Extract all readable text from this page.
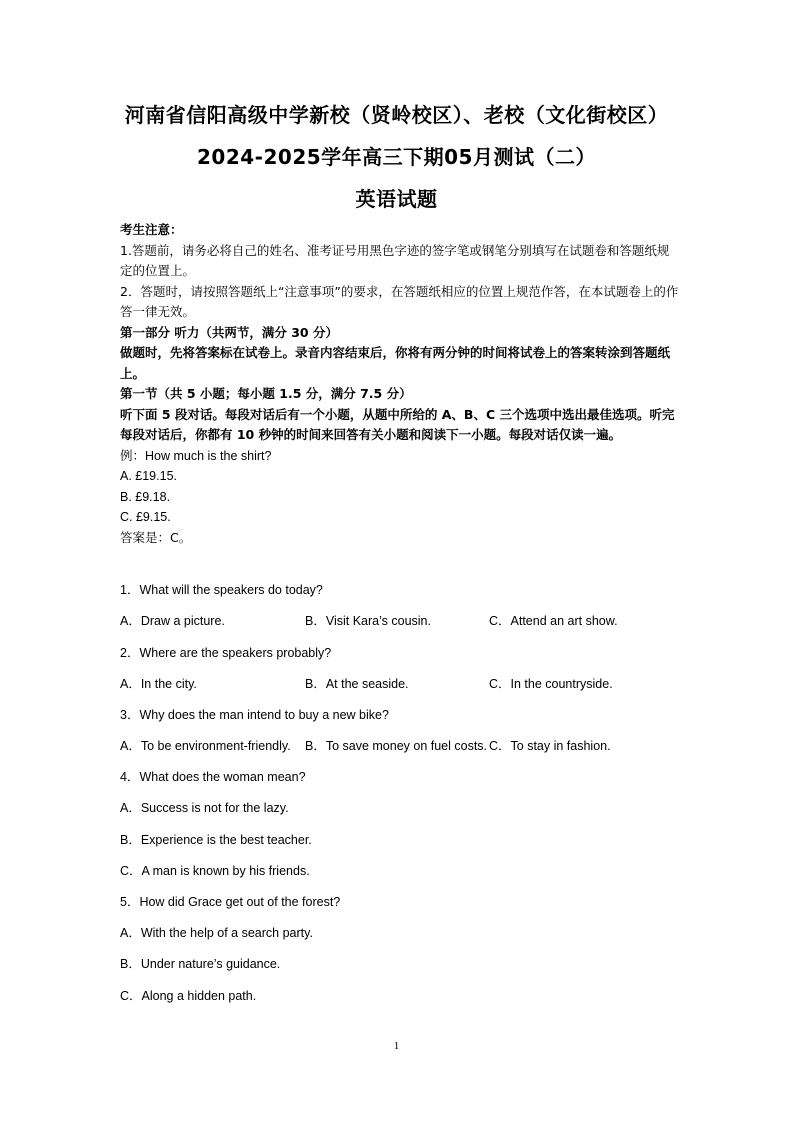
河南省信阳高级中学新校（贤岭校区）、老校（文化街校区）
2024-2025学年高三下期05月测试（二）
英语试题

考生注意：

1.答题前，请务必将自己的姓名、准考证号用黑色字迹的签字笔或钢笔分别填写在试题卷和答题纸规定的位置上。

2．答题时，请按照答题纸上“注意事项”的要求，在答题纸相应的位置上规范作答，在本试题卷上的作答一律无效。

第一部分 听力（共两节，满分 30 分）

做题时，先将答案标在试卷上。录音内容结束后，你将有两分钟的时间将试卷上的答案转涂到答题纸上。

第一节（共 5 小题；每小题 1.5 分，满分 7.5 分）

听下面 5 段对话。每段对话后有一个小题，从题中所给的 A、B、C 三个选项中选出最佳选项。听完每段对话后，你都有 10 秒钟的时间来回答有关小题和阅读下一小题。每段对话仅读一遍。

例：How much is the shirt?

A. £19.15.

B. £9.18.

C. £9.15.

答案是：C。

1．What will the speakers do today?
A．Draw a picture.	B．Visit Kara’s cousin.	C．Attend an art show.
2．Where are the speakers probably?
A．In the city.	B．At the seaside.	C．In the countryside.
3．Why does the man intend to buy a new bike?
A．To be environment-friendly. B．To save money on fuel costs. C．To stay in fashion.
4．What does the woman mean?
A．Success is not for the lazy.
B．Experience is the best teacher.
C．A man is known by his friends.
5．How did Grace get out of the forest?
A．With the help of a search party.
B．Under nature’s guidance.
C．Along a hidden path.
1
